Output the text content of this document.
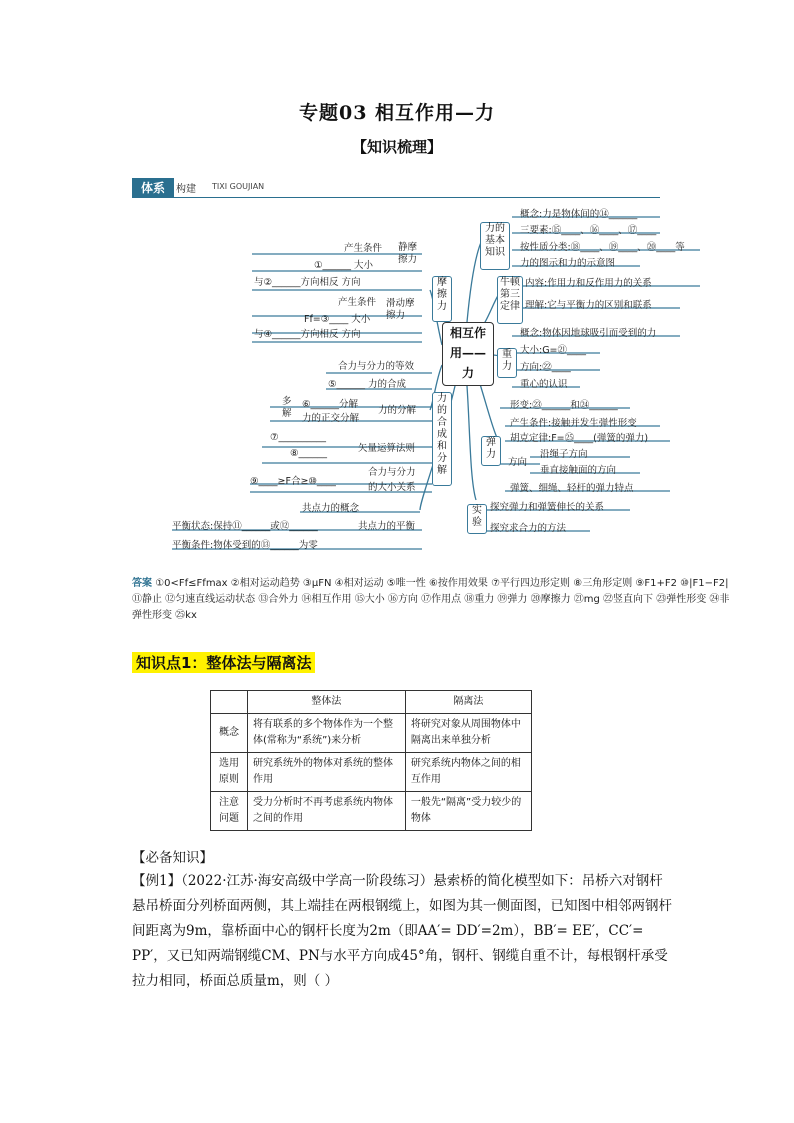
专题03 相互作用—力
【知识梳理】
体系	构建 TIXI GOUJIAN
相互作
用——
力
力的基本知识
牛顿第三定律
重力
弹力
实验
摩擦力
力的合成和分解
概念:力是物体间的⑭______
三要素:⑮____、⑯____、⑰____
按性质分类:⑱____、⑲____、⑳____等
力的图示和力的示意图
内容:作用力和反作用力的关系
理解:它与平衡力的区别和联系
概念:物体因地球吸引而受到的力
大小:G=㉑____
方向:㉒____
重心的认识
形变:㉓______和㉔______
产生条件:接触并发生弹性形变
胡克定律:F=㉕____(弹簧的弹力)
沿绳子方向
方向
垂直接触面的方向
弹簧、细绳、轻杆的弹力特点
探究弹力和弹簧伸长的关系
探究求合力的方法
静摩擦力
滑动摩擦力
产生条件
①______ 大小
与②______方向相反 方向
产生条件
Ff=③____ 大小
与④______方向相反 方向
合力与分力的等效
⑤______ 力的合成
多解
⑥______分解
力的正交分解
力的分解
⑦__________
⑧______	矢量运算法则
合力与分力
⑨____≥F合≥⑩____
的大小关系
共点力的概念
平衡状态:保持⑪______或⑫______
平衡条件:物体受到的⑬______为零
共点力的平衡
答案 ①0<Ff≤Ffmax ②相对运动趋势 ③μFN ④相对运动 ⑤唯一性 ⑥按作用效果 ⑦平行四边形定则 ⑧三角形定则 ⑨F1+F2 ⑩|F1−F2| ⑪静止 ⑫匀速直线运动状态 ⑬合外力 ⑭相互作用 ⑮大小 ⑯方向 ⑰作用点 ⑱重力 ⑲弹力 ⑳摩擦力 ㉑mg ㉒竖直向下 ㉓弹性形变 ㉔非弹性形变 ㉕kx
知识点1：整体法与隔离法
	整体法	隔离法
概念	将有联系的多个物体作为一个整体(常称为“系统”)来分析	将研究对象从周围物体中隔离出来单独分析
选用原则	研究系统外的物体对系统的整体作用	研究系统内物体之间的相互作用
注意问题	受力分析时不再考虑系统内物体之间的作用	一般先“隔离”受力较少的物体
【必备知识】
【例1】（2022·江苏·海安高级中学高一阶段练习）悬索桥的简化模型如下：吊桥六对钢杆悬吊桥面分列桥面两侧，其上端挂在两根钢缆上，如图为其一侧面图，已知图中相邻两钢杆间距离为9m，靠桥面中心的钢杆长度为2m（即AA′= DD′=2m），BB′= EE′，CC′= PP′，又已知两端钢缆CM、PN与水平方向成45°角，钢杆、钢缆自重不计，每根钢杆承受拉力相同，桥面总质量m，则（ ）
